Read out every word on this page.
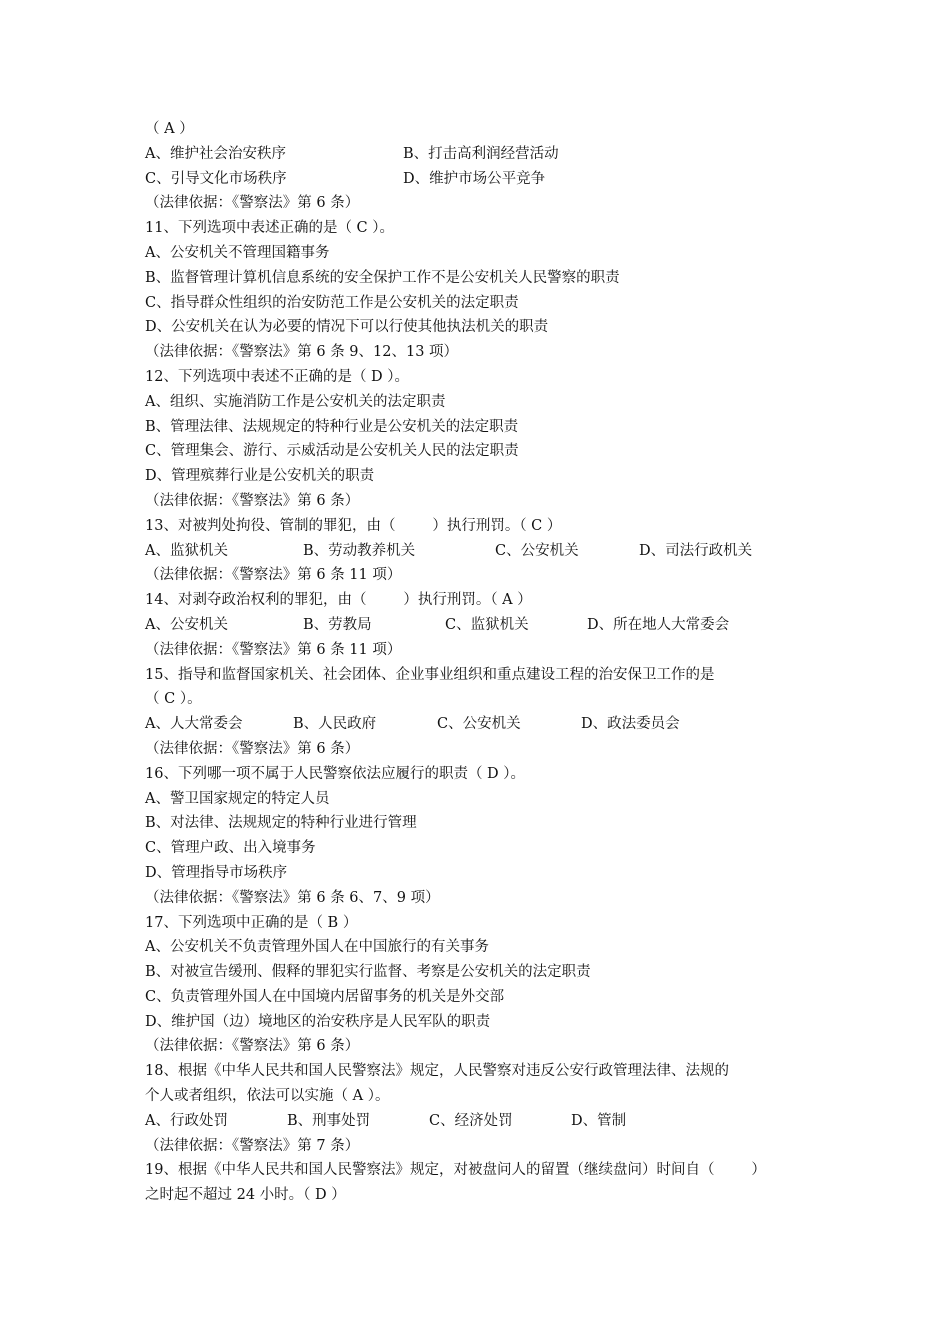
（ A ）
A、维护社会治安秩序	B、打击高利润经营活动
C、引导文化市场秩序	D、维护市场公平竞争
（法律依据：《警察法》第 6 条）
11、下列选项中表述正确的是（ C ）。
A、公安机关不管理国籍事务
B、监督管理计算机信息系统的安全保护工作不是公安机关人民警察的职责
C、指导群众性组织的治安防范工作是公安机关的法定职责
D、公安机关在认为必要的情况下可以行使其他执法机关的职责
（法律依据：《警察法》第 6 条 9、12、13 项）
12、下列选项中表述不正确的是（ D ）。
A、组织、实施消防工作是公安机关的法定职责
B、管理法律、法规规定的特种行业是公安机关的法定职责
C、管理集会、游行、示威活动是公安机关人民的法定职责
D、管理殡葬行业是公安机关的职责
（法律依据：《警察法》第 6 条）
13、对被判处拘役、管制的罪犯，由（        ）执行刑罚。（ C ）
A、监狱机关	B、劳动教养机关	C、公安机关	D、司法行政机关
（法律依据：《警察法》第 6 条 11 项）
14、对剥夺政治权利的罪犯，由（        ）执行刑罚。（ A ）
A、公安机关	B、劳教局	C、监狱机关	D、所在地人大常委会
（法律依据：《警察法》第 6 条 11 项）
15、指导和监督国家机关、社会团体、企业事业组织和重点建设工程的治安保卫工作的是
（ C ）。
A、人大常委会	B、人民政府	C、公安机关	D、政法委员会
（法律依据：《警察法》第 6 条）
16、下列哪一项不属于人民警察依法应履行的职责（ D ）。
A、警卫国家规定的特定人员
B、对法律、法规规定的特种行业进行管理
C、管理户政、出入境事务
D、管理指导市场秩序
（法律依据：《警察法》第 6 条 6、7、9 项）
17、下列选项中正确的是（ B ）
A、公安机关不负责管理外国人在中国旅行的有关事务
B、对被宣告缓刑、假释的罪犯实行监督、考察是公安机关的法定职责
C、负责管理外国人在中国境内居留事务的机关是外交部
D、维护国（边）境地区的治安秩序是人民军队的职责
（法律依据：《警察法》第 6 条）
18、根据《中华人民共和国人民警察法》规定，人民警察对违反公安行政管理法律、法规的
个人或者组织，依法可以实施（ A ）。
A、行政处罚	B、刑事处罚	C、经济处罚	D、管制
（法律依据：《警察法》第 7 条）
19、根据《中华人民共和国人民警察法》规定，对被盘问人的留置（继续盘问）时间自（        ）
之时起不超过 24 小时。（ D ）
